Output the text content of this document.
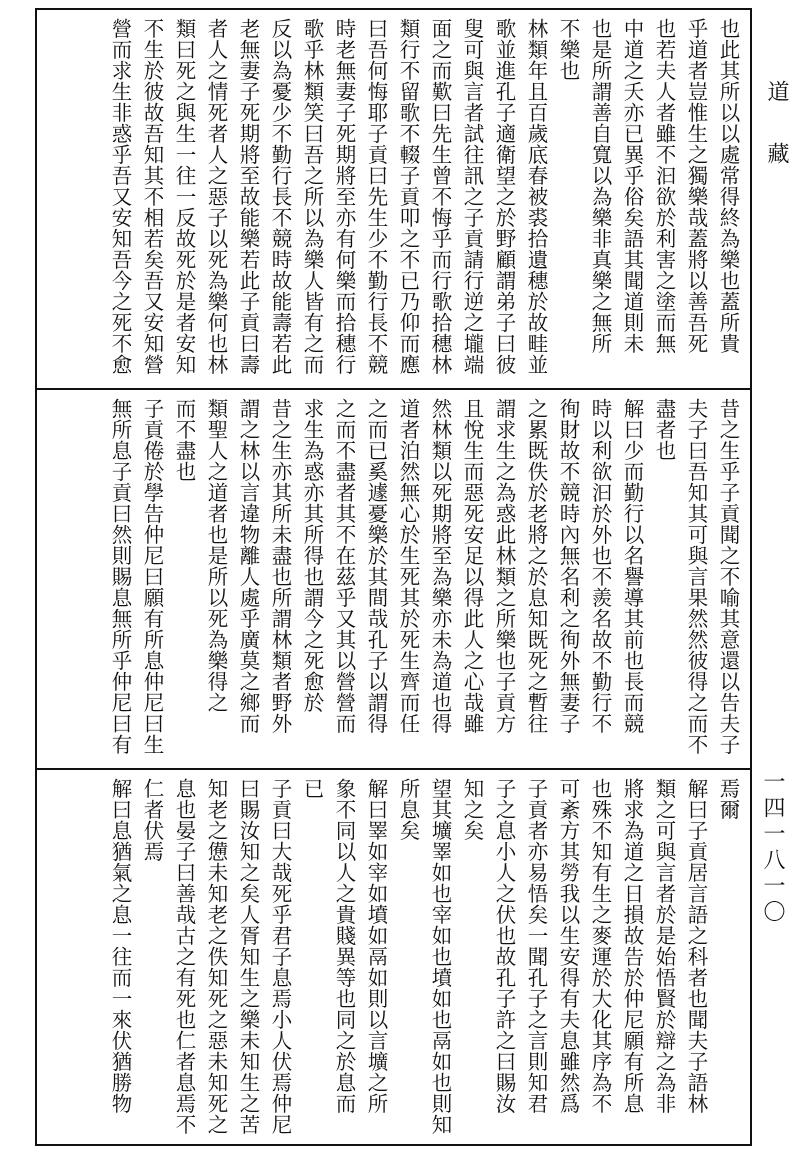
道藏
一四一八一〇
也此其所以以處常得終為樂也蓋所貴
乎道者豈惟生之獨樂哉蓋將以善吾死
也若夫人者雖不汩欲於利害之塗而無
中道之夭亦已異乎俗矣語其聞道則未
也是所謂善自寬以為樂非真樂之無所
不樂也
林類年且百歲底春被裘拾遺穗於故畦並
歌並進孔子適衛望之於野顧謂弟子曰彼
叟可與言者試往訊之子貢請行逆之壠端
面之而歎曰先生曾不悔乎而行歌拾穗林
類行不留歌不輟子貢叩之不已乃仰而應
曰吾何悔耶子貢曰先生少不勤行長不競
時老無妻子死期將至亦有何樂而拾穗行
歌乎林類笑曰吾之所以為樂人皆有之而
反以為憂少不勤行長不競時故能壽若此
老無妻子死期將至故能樂若此子貢曰壽
者人之情死者人之惡子以死為樂何也林
類曰死之與生一往一反故死於是者安知
不生於彼故吾知其不相若矣吾又安知營
營而求生非惑乎吾又安知吾今之死不愈
昔之生乎子貢聞之不喻其意還以告夫子
夫子曰吾知其可與言果然然彼得之而不
盡者也
解曰少而勤行以名譽導其前也長而競
時以利欲汩於外也不羨名故不勤行不
徇財故不競時內無名利之徇外無妻子
之累既佚於老將之於息知既死之暫往
謂求生之為惑此林類之所樂也子貢方
且悅生而惡死安足以得此人之心哉雖
然林類以死期將至為樂亦未為道也得
道者泊然無心於生死其於死生齊而任
之而已奚遽憂樂於其間哉孔子以謂得
之而不盡者其不在茲乎又其以營營而
求生為惑亦其所得也謂今之死愈於
昔之生亦其所未盡也所謂林類者野外
謂之林以言違物離人處乎廣莫之鄉而
類聖人之道者也是所以死為樂得之
而不盡也
子貢倦於學告仲尼曰願有所息仲尼曰生
無所息子貢曰然則賜息無所乎仲尼曰有
焉爾
解曰子貢居言語之科者也聞夫子語林
類之可與言者於是始悟賢於辯之為非
將求為道之日損故告於仲尼願有所息
也殊不知有生之麥運於大化其序為不
可紊方其勞我以生安得有夫息雖然爲
子貢者亦易悟矣一聞孔子之言則知君
子之息小人之伏也故孔子許之曰賜汝
知之矣
望其壙睪如也宰如也墳如也鬲如也則知
所息矣
解曰睪如宰如墳如鬲如則以言壙之所
象不同以人之貴賤異等也同之於息而
已
子貢曰大哉死乎君子息焉小人伏焉仲尼
曰賜汝知之矣人胥知生之樂未知生之苦
知老之憊未知老之佚知死之惡未知死之
息也晏子曰善哉古之有死也仁者息焉不
仁者伏焉
解曰息猶氣之息一往而一來伏猶勝物
